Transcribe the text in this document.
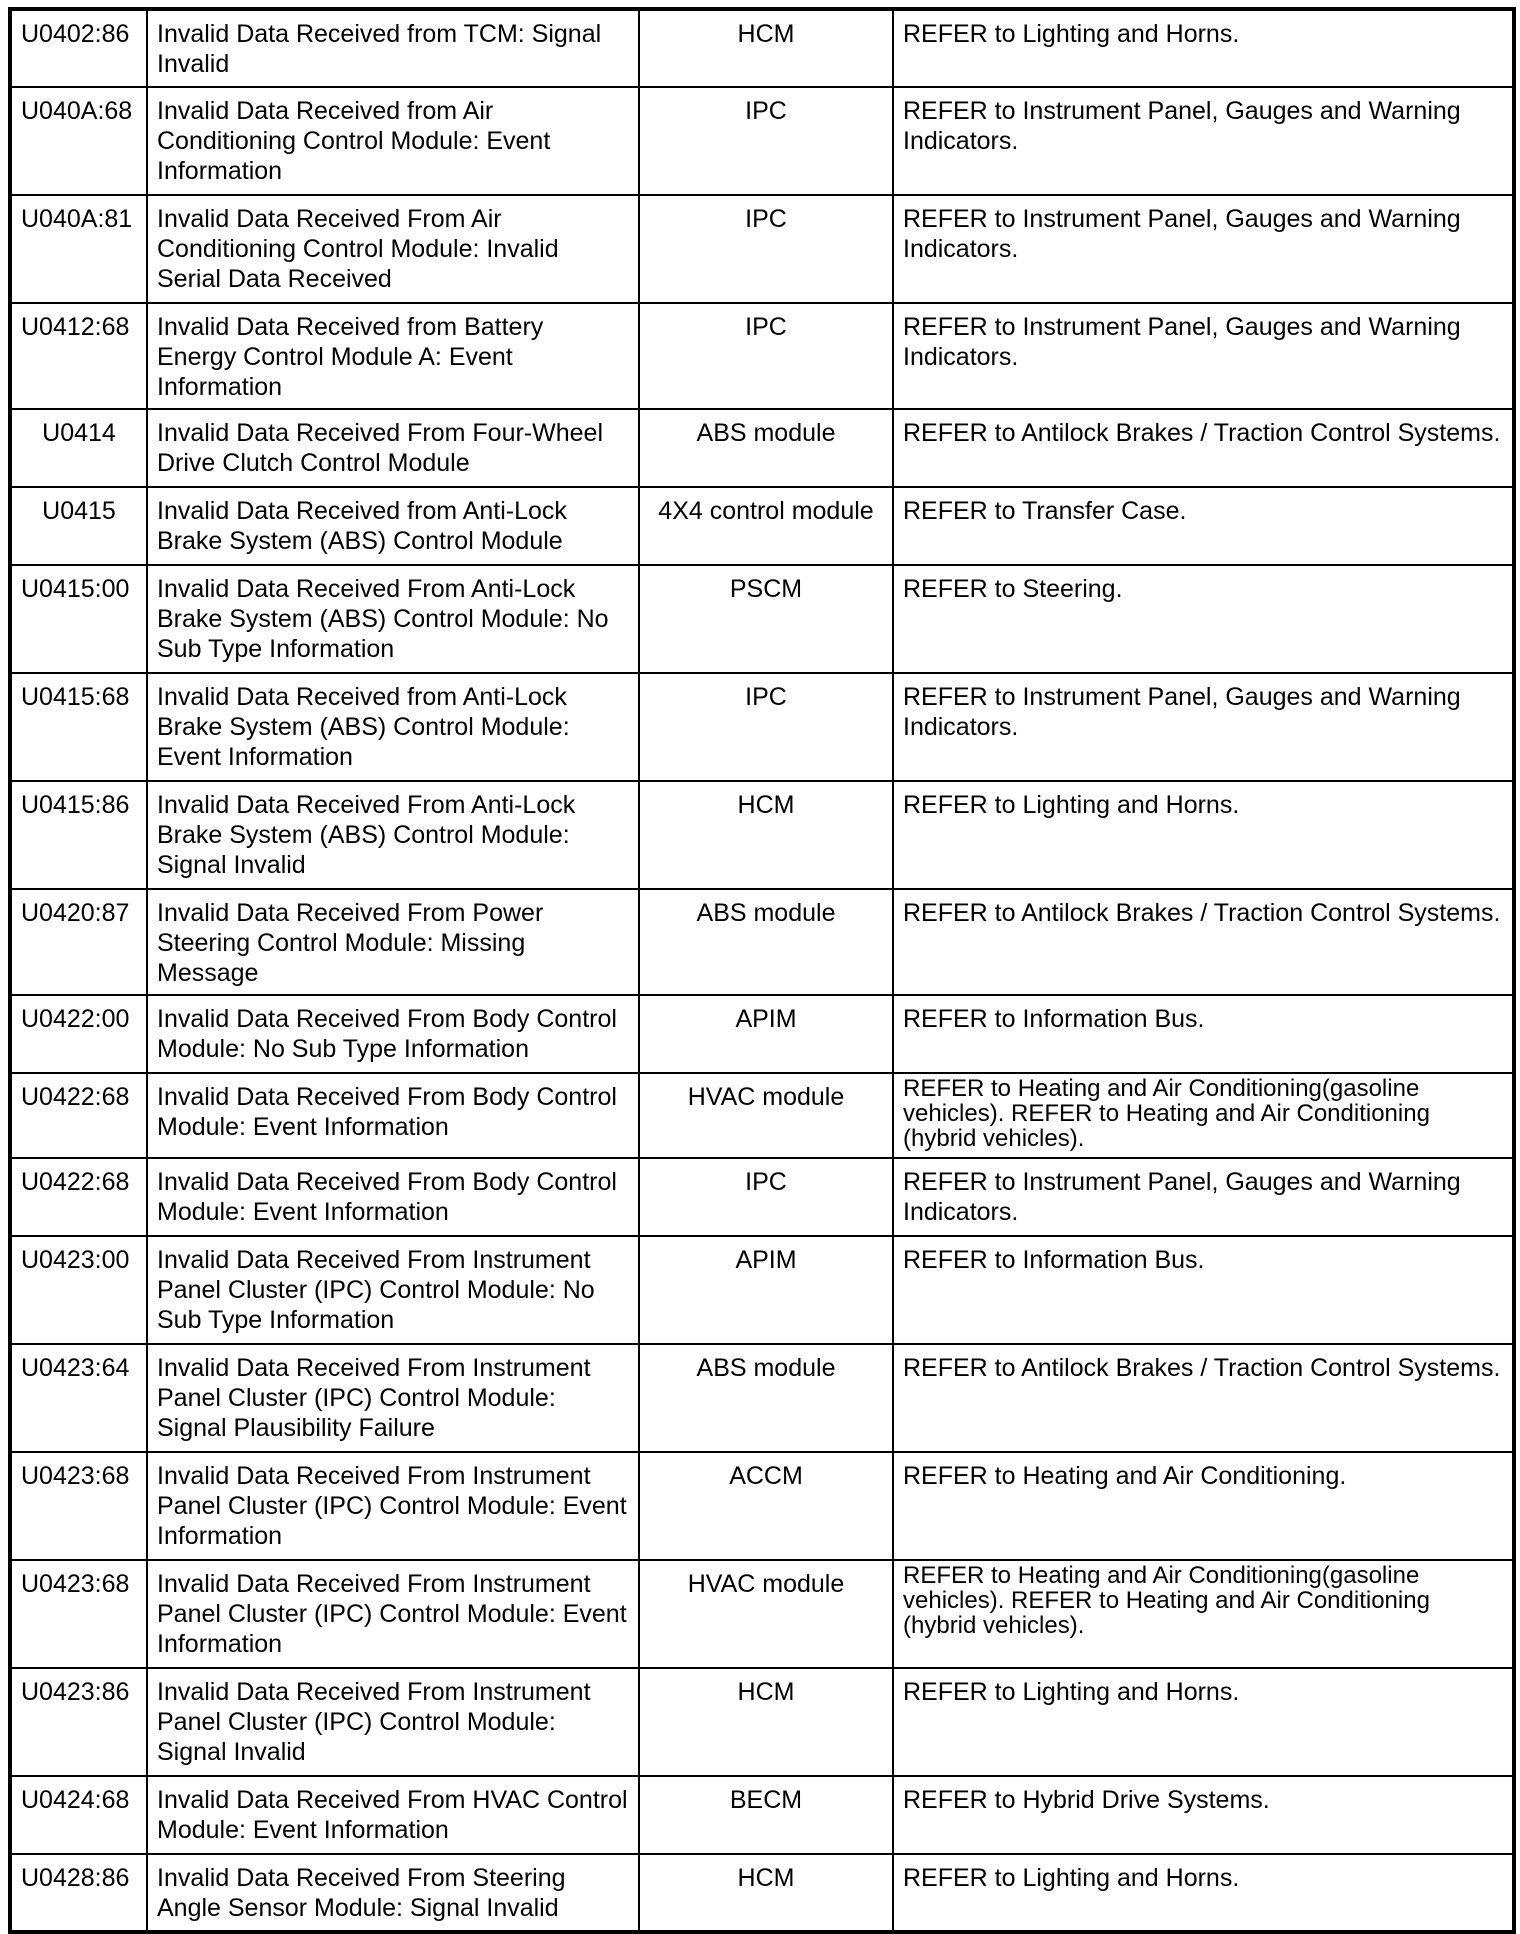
U0402:86	Invalid Data Received from TCM: Signal Invalid	HCM	REFER to Lighting and Horns.
U040A:68	Invalid Data Received from Air Conditioning Control Module: Event Information	IPC	REFER to Instrument Panel, Gauges and Warning Indicators.
U040A:81	Invalid Data Received From Air Conditioning Control Module: Invalid Serial Data Received	IPC	REFER to Instrument Panel, Gauges and Warning Indicators.
U0412:68	Invalid Data Received from Battery Energy Control Module A: Event Information	IPC	REFER to Instrument Panel, Gauges and Warning Indicators.
U0414	Invalid Data Received From Four-Wheel Drive Clutch Control Module	ABS module	REFER to Antilock Brakes / Traction Control Systems.
U0415	Invalid Data Received from Anti-Lock Brake System (ABS) Control Module	4X4 control module	REFER to Transfer Case.
U0415:00	Invalid Data Received From Anti-Lock Brake System (ABS) Control Module: No Sub Type Information	PSCM	REFER to Steering.
U0415:68	Invalid Data Received from Anti-Lock Brake System (ABS) Control Module: Event Information	IPC	REFER to Instrument Panel, Gauges and Warning Indicators.
U0415:86	Invalid Data Received From Anti-Lock Brake System (ABS) Control Module: Signal Invalid	HCM	REFER to Lighting and Horns.
U0420:87	Invalid Data Received From Power Steering Control Module: Missing Message	ABS module	REFER to Antilock Brakes / Traction Control Systems.
U0422:00	Invalid Data Received From Body Control Module: No Sub Type Information	APIM	REFER to Information Bus.
U0422:68	Invalid Data Received From Body Control Module: Event Information	HVAC module	REFER to Heating and Air Conditioning(gasoline vehicles). REFER to Heating and Air Conditioning (hybrid vehicles).
U0422:68	Invalid Data Received From Body Control Module: Event Information	IPC	REFER to Instrument Panel, Gauges and Warning Indicators.
U0423:00	Invalid Data Received From Instrument Panel Cluster (IPC) Control Module: No Sub Type Information	APIM	REFER to Information Bus.
U0423:64	Invalid Data Received From Instrument Panel Cluster (IPC) Control Module: Signal Plausibility Failure	ABS module	REFER to Antilock Brakes / Traction Control Systems.
U0423:68	Invalid Data Received From Instrument Panel Cluster (IPC) Control Module: Event Information	ACCM	REFER to Heating and Air Conditioning.
U0423:68	Invalid Data Received From Instrument Panel Cluster (IPC) Control Module: Event Information	HVAC module	REFER to Heating and Air Conditioning(gasoline vehicles). REFER to Heating and Air Conditioning (hybrid vehicles).
U0423:86	Invalid Data Received From Instrument Panel Cluster (IPC) Control Module: Signal Invalid	HCM	REFER to Lighting and Horns.
U0424:68	Invalid Data Received From HVAC Control Module: Event Information	BECM	REFER to Hybrid Drive Systems.
U0428:86	Invalid Data Received From Steering Angle Sensor Module: Signal Invalid	HCM	REFER to Lighting and Horns.
